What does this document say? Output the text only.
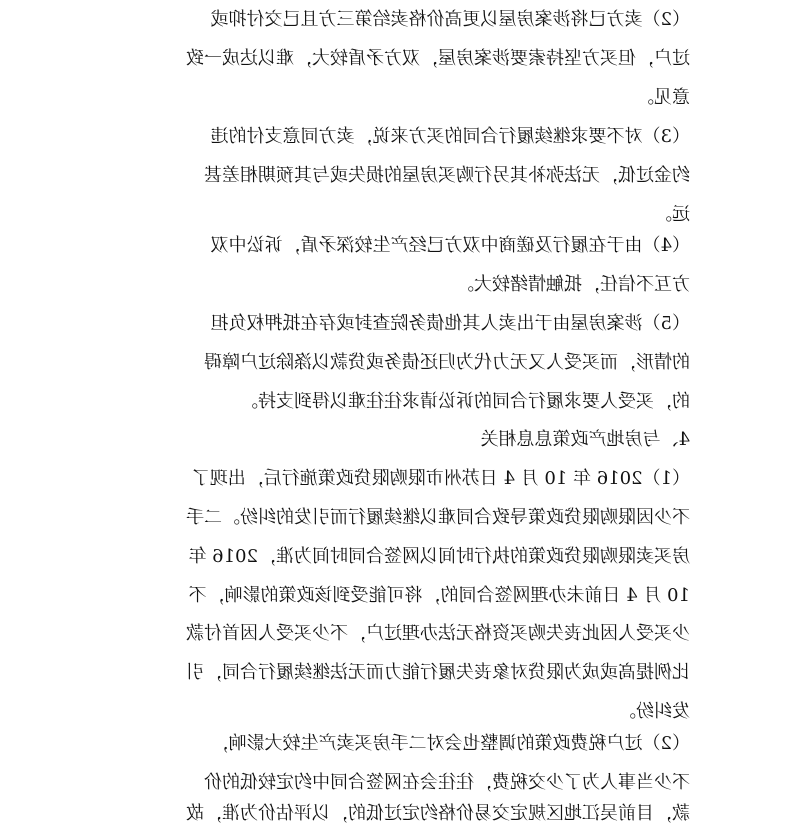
（2）卖方已将涉案房屋以更高价格卖给第三方且已交付抑或
过户，但买方坚持索要涉案房屋，双方矛盾较大，难以达成一致
意见。
（3）对不要求继续履行合同的买方来说，卖方同意支付的违
约金过低，无法弥补其另行购买房屋的损失或与其预期相差甚
远。
（4）由于在履行及磋商中双方已经产生较深矛盾，诉讼中双
方互不信任，抵触情绪较大。
（5）涉案房屋由于出卖人其他债务院查封或存在抵押权负担
的情形，而买受人又无力代为归还债务或贷款以涤除过户障碍
的，买受人要求履行合同的诉讼请求往往难以得到支持。
4、与房地产政策息息相关
（1）2016 年 10 月 4 日苏州市限购限贷政策施行后，出现了
不少因限购限贷政策导致合同难以继续履行而引发的纠纷。二手
房买卖限购限贷政策的执行时间以网签合同时间为准，2016 年
10 月 4 日前未办理网签合同的，将可能受到该政策的影响，不
少买受人因此丧失购买资格无法办理过户，不少买受人因首付款
比例提高或成为限贷对象丧失履行能力而无法继续履行合同，引
发纠纷。
（2）过户税费政策的调整也会对二手房买卖产生较大影响，
不少当事人为了少交税费，往往会在网签合同中约定较低的价
款，目前吴江地区规定交易价格约定过低的，以评估价为准，故
